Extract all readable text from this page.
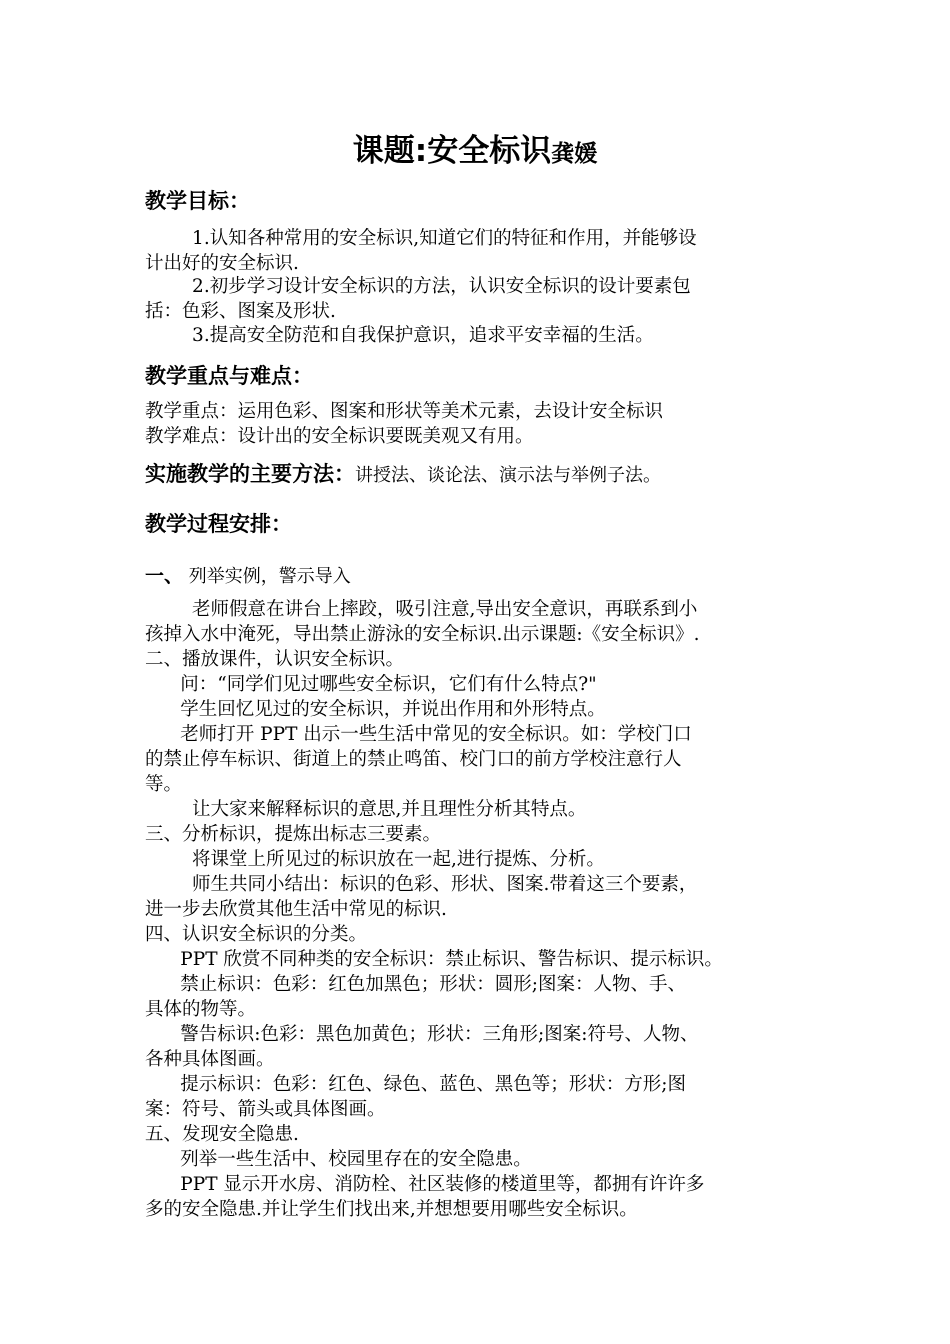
课题:安全标识龚媛
教学目标：
1.认知各种常用的安全标识,知道它们的特征和作用，并能够设
计出好的安全标识.
2.初步学习设计安全标识的方法，认识安全标识的设计要素包
括：色彩、图案及形状.
3.提高安全防范和自我保护意识，追求平安幸福的生活。
教学重点与难点：
教学重点：运用色彩、图案和形状等美术元素，去设计安全标识
教学难点：设计出的安全标识要既美观又有用。
实施教学的主要方法：讲授法、谈论法、演示法与举例子法。
教学过程安排：
一、 列举实例，警示导入
老师假意在讲台上摔跤，吸引注意,导出安全意识，再联系到小
孩掉入水中淹死，导出禁止游泳的安全标识.出示课题:《安全标识》.
二、播放课件，认识安全标识。
问：“同学们见过哪些安全标识，它们有什么特点?"
学生回忆见过的安全标识，并说出作用和外形特点。
老师打开 PPT 出示一些生活中常见的安全标识。如：学校门口
的禁止停车标识、街道上的禁止鸣笛、校门口的前方学校注意行人
等。
让大家来解释标识的意思,并且理性分析其特点。
三、分析标识，提炼出标志三要素。
将课堂上所见过的标识放在一起,进行提炼、分析。
师生共同小结出：标识的色彩、形状、图案.带着这三个要素，
进一步去欣赏其他生活中常见的标识.
四、认识安全标识的分类。
PPT 欣赏不同种类的安全标识：禁止标识、警告标识、提示标识。
禁止标识：色彩：红色加黑色；形状：圆形;图案：人物、手、
具体的物等。
警告标识:色彩：黑色加黄色；形状：三角形;图案:符号、人物、
各种具体图画。
提示标识：色彩：红色、绿色、蓝色、黑色等；形状：方形;图
案：符号、箭头或具体图画。
五、发现安全隐患.
列举一些生活中、校园里存在的安全隐患。
PPT 显示开水房、消防栓、社区装修的楼道里等，都拥有许许多
多的安全隐患.并让学生们找出来,并想想要用哪些安全标识。
